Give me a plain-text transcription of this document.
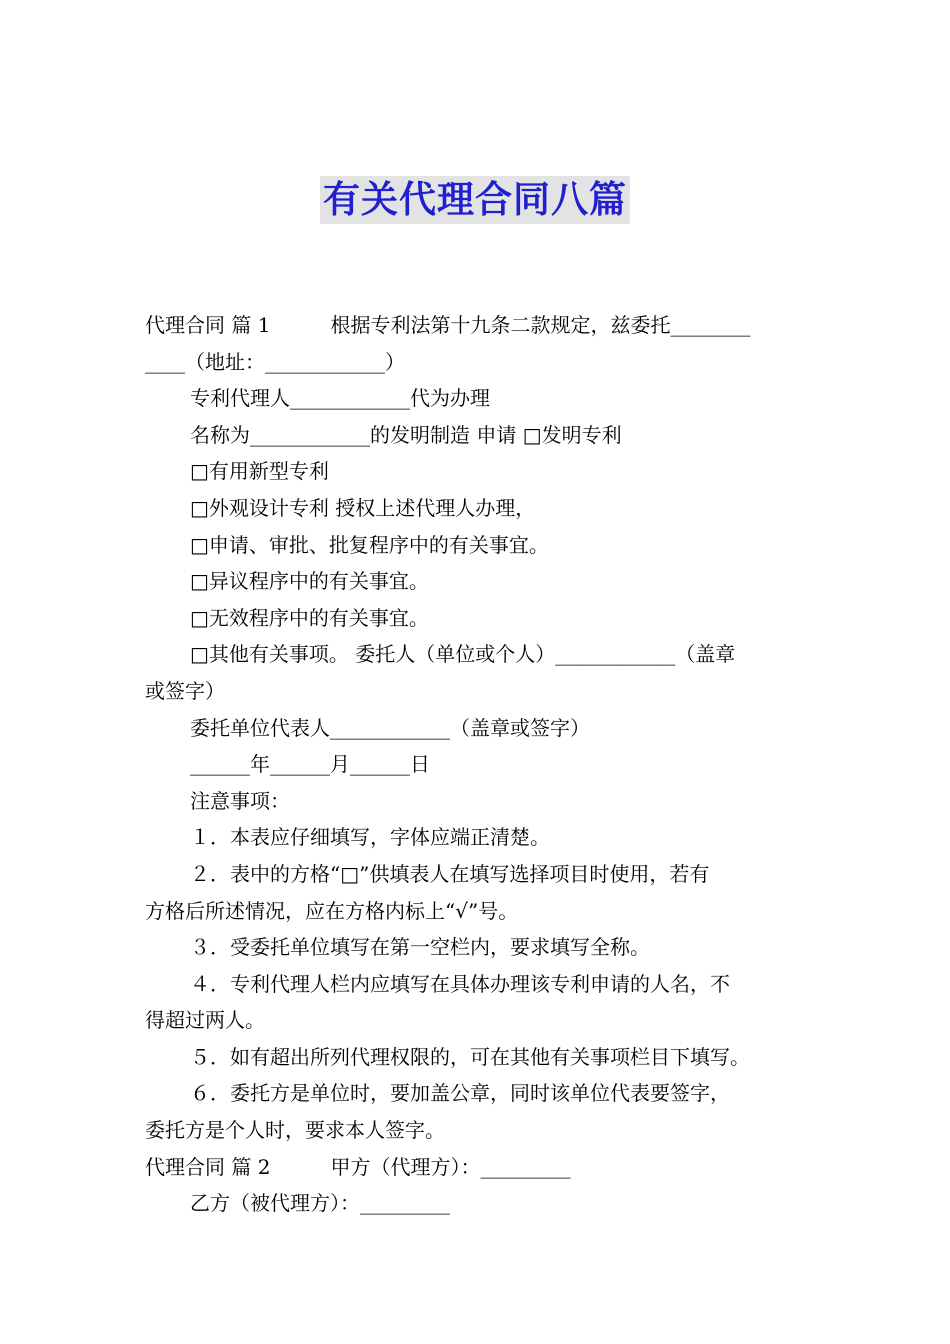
有关代理合同八篇
代理合同 篇 1　　　根据专利法第十九条二款规定，兹委托________
____（地址：____________）
专利代理人____________代为办理
名称为____________的发明制造 申请 □发明专利
□有用新型专利
□外观设计专利 授权上述代理人办理，
□申请、审批、批复程序中的有关事宜。
□异议程序中的有关事宜。
□无效程序中的有关事宜。
□其他有关事项。 委托人（单位或个人）____________（盖章
或签字）
委托单位代表人____________（盖章或签字）
______年______月______日
注意事项：
１．本表应仔细填写，字体应端正清楚。
２．表中的方格“□”供填表人在填写选择项目时使用，若有
方格后所述情况，应在方格内标上“√”号。
３．受委托单位填写在第一空栏内，要求填写全称。
４．专利代理人栏内应填写在具体办理该专利申请的人名，不
得超过两人。
５．如有超出所列代理权限的，可在其他有关事项栏目下填写。
６．委托方是单位时，要加盖公章，同时该单位代表要签字，
委托方是个人时，要求本人签字。
代理合同 篇 2　　　甲方（代理方）：_________
乙方（被代理方）：_________
